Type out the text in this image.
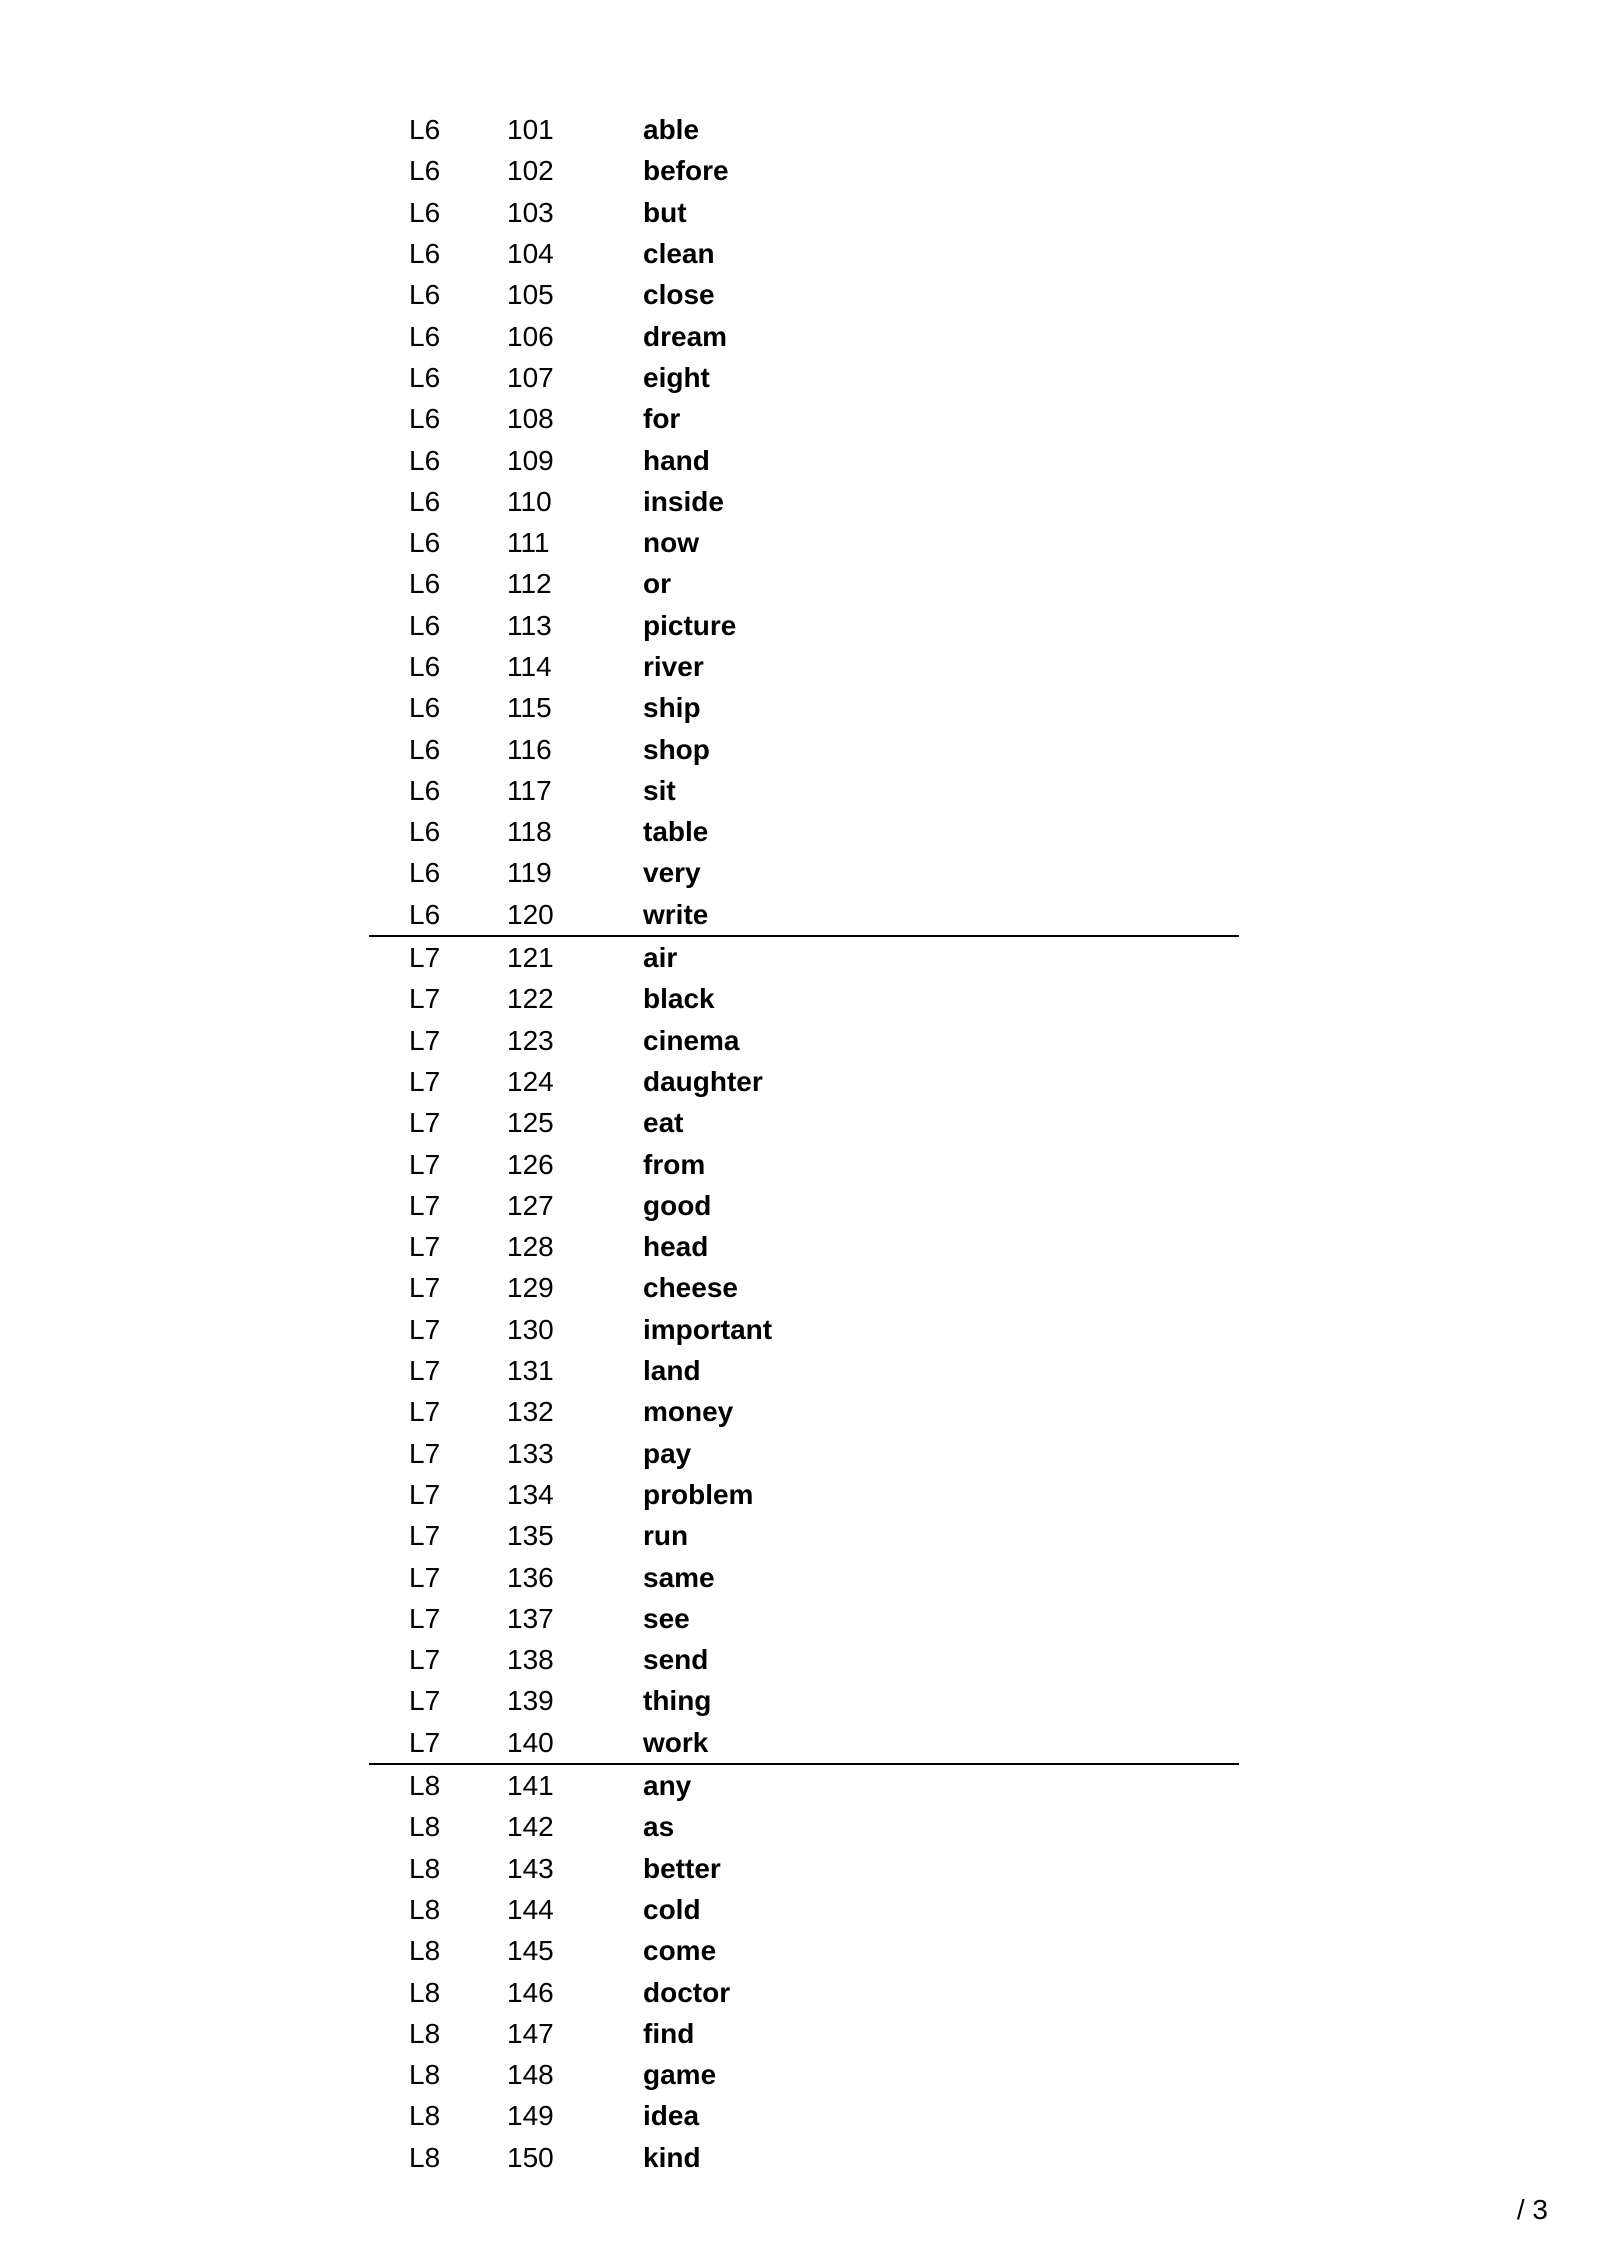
L6	101	able
L6	102	before
L6	103	but
L6	104	clean
L6	105	close
L6	106	dream
L6	107	eight
L6	108	for
L6	109	hand
L6	110	inside
L6	111	now
L6	112	or
L6	113	picture
L6	114	river
L6	115	ship
L6	116	shop
L6	117	sit
L6	118	table
L6	119	very
L6	120	write
L7	121	air
L7	122	black
L7	123	cinema
L7	124	daughter
L7	125	eat
L7	126	from
L7	127	good
L7	128	head
L7	129	cheese
L7	130	important
L7	131	land
L7	132	money
L7	133	pay
L7	134	problem
L7	135	run
L7	136	same
L7	137	see
L7	138	send
L7	139	thing
L7	140	work
L8	141	any
L8	142	as
L8	143	better
L8	144	cold
L8	145	come
L8	146	doctor
L8	147	find
L8	148	game
L8	149	idea
L8	150	kind
/ 3
